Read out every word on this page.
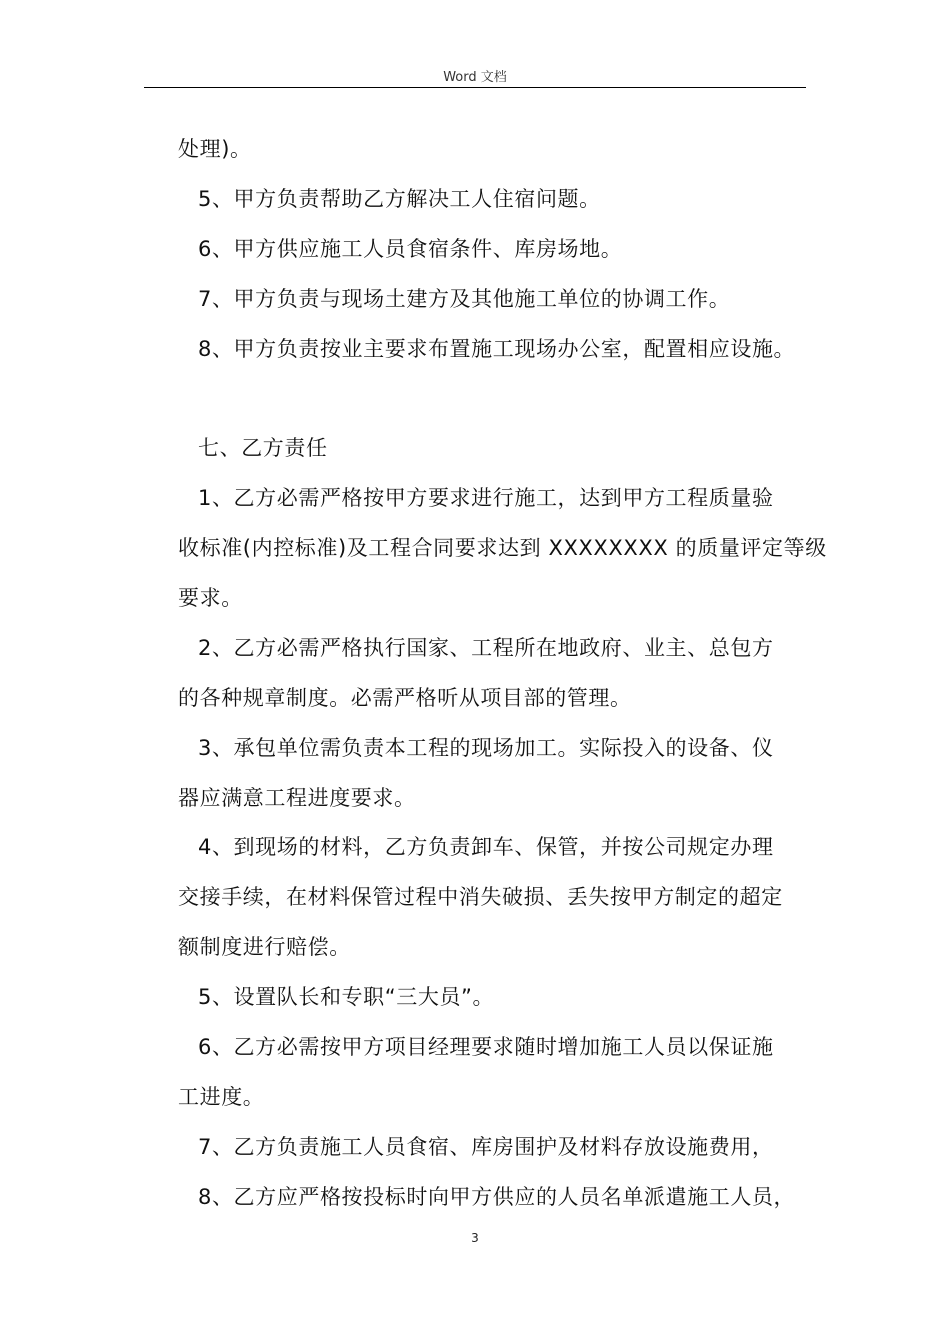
Word 文档
处理)。
5、甲方负责帮助乙方解决工人住宿问题。
6、甲方供应施工人员食宿条件、库房场地。
7、甲方负责与现场土建方及其他施工单位的协调工作。
8、甲方负责按业主要求布置施工现场办公室，配置相应设施。
七、乙方责任
1、乙方必需严格按甲方要求进行施工，达到甲方工程质量验
收标准(内控标准)及工程合同要求达到 XXXXXXXX 的质量评定等级
要求。
2、乙方必需严格执行国家、工程所在地政府、业主、总包方
的各种规章制度。必需严格听从项目部的管理。
3、承包单位需负责本工程的现场加工。实际投入的设备、仪
器应满意工程进度要求。
4、到现场的材料，乙方负责卸车、保管，并按公司规定办理
交接手续，在材料保管过程中消失破损、丢失按甲方制定的超定
额制度进行赔偿。
5、设置队长和专职“三大员”。
6、乙方必需按甲方项目经理要求随时增加施工人员以保证施
工进度。
7、乙方负责施工人员食宿、库房围护及材料存放设施费用，
8、乙方应严格按投标时向甲方供应的人员名单派遣施工人员，
3
